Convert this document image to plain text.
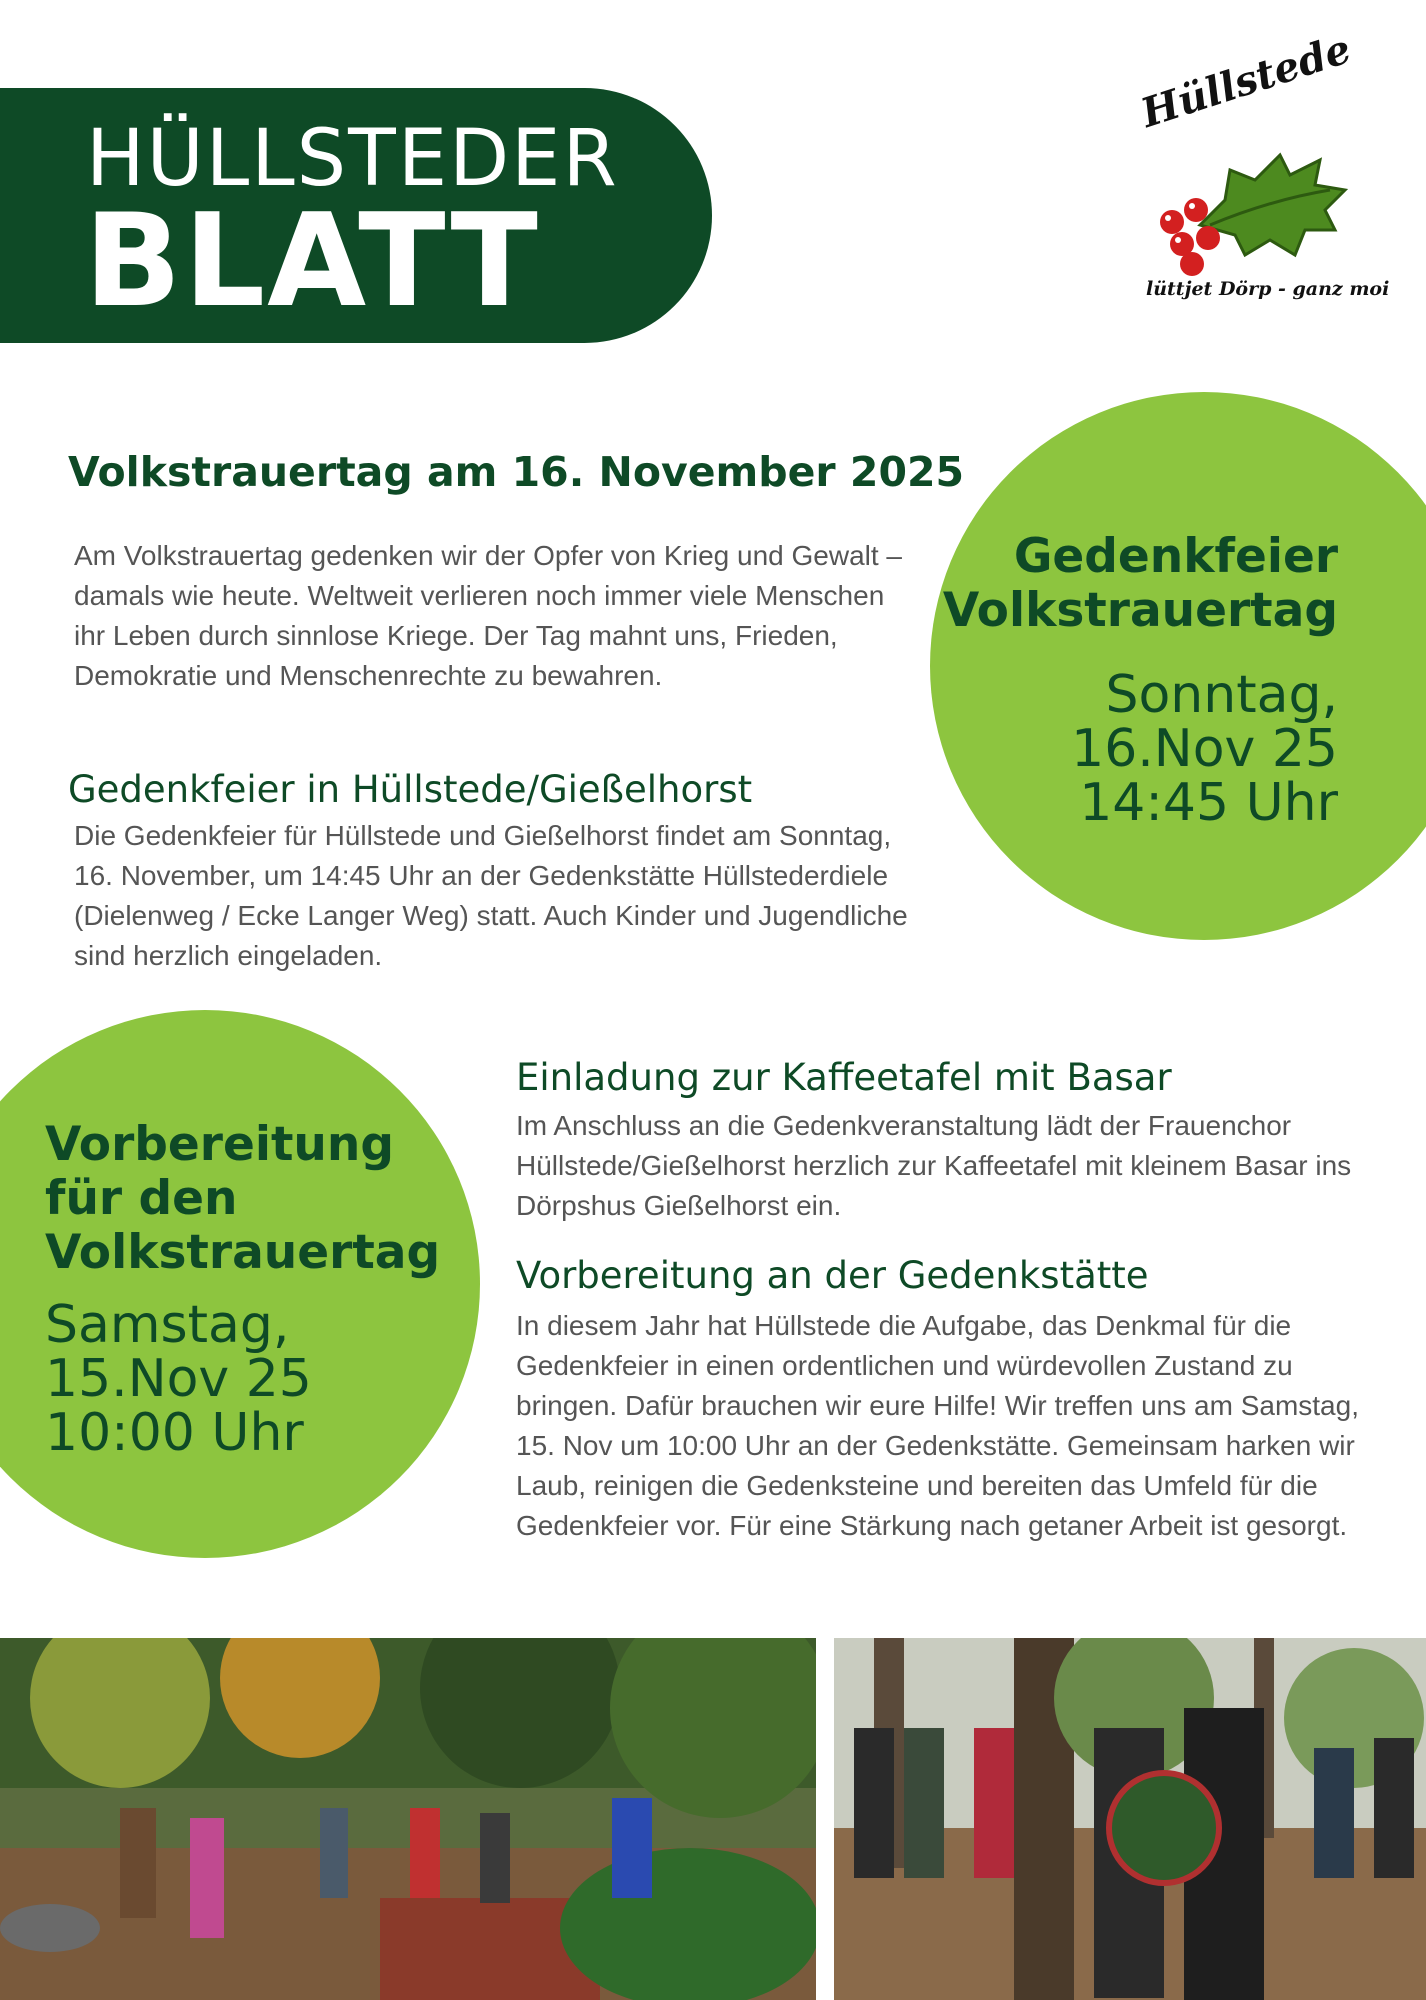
HÜLLSTEDER
BLATT
Hüllstede
lüttjet Dörp - ganz moi
Volkstrauertag am 16. November 2025
Am Volkstrauertag gedenken wir der Opfer von Krieg und Gewalt – damals wie heute. Weltweit verlieren noch immer viele Menschen ihr Leben durch sinnlose Kriege. Der Tag mahnt uns, Frieden, Demokratie und Menschenrechte zu bewahren.
Gedenkfeier in Hüllstede/Gießelhorst
Die Gedenkfeier für Hüllstede und Gießelhorst findet am Sonntag, 16. November, um 14:45 Uhr an der Gedenkstätte Hüllstederdiele (Dielenweg / Ecke Langer Weg) statt. Auch Kinder und Jugendliche sind herzlich eingeladen.
Gedenkfeier
Volkstrauertag
Sonntag,
16.Nov 25
14:45 Uhr
Vorbereitung
für den
Volkstrauertag
Samstag,
15.Nov 25
10:00 Uhr
Einladung zur Kaffeetafel mit Basar
Im Anschluss an die Gedenkveranstaltung lädt der Frauenchor Hüllstede/Gießelhorst herzlich zur Kaffeetafel mit kleinem Basar ins Dörpshus Gießelhorst ein.
Vorbereitung an der Gedenkstätte
In diesem Jahr hat Hüllstede die Aufgabe, das Denkmal für die Gedenkfeier in einen ordentlichen und würdevollen Zustand zu bringen. Dafür brauchen wir eure Hilfe! Wir treffen uns am Samstag, 15. Nov um 10:00 Uhr an der Gedenkstätte. Gemeinsam harken wir Laub, reinigen die Gedenksteine und bereiten das Umfeld für die Gedenkfeier vor. Für eine Stärkung nach getaner Arbeit ist gesorgt.
